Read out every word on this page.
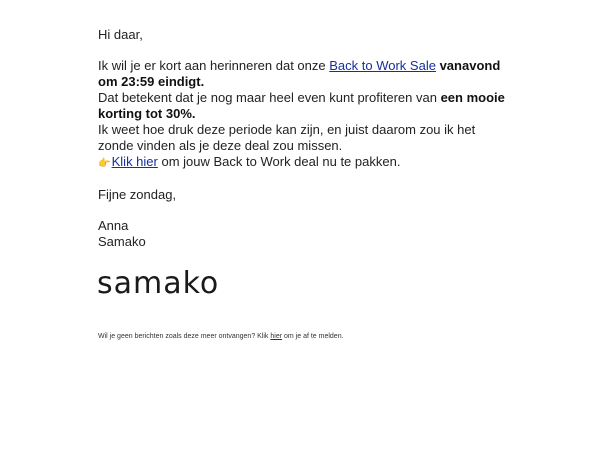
Hi daar,

Ik wil je er kort aan herinneren dat onze Back to Work Sale vanavond om 23:59 eindigt.

Dat betekent dat je nog maar heel even kunt profiteren van een mooie korting tot 30%.

Ik weet hoe druk deze periode kan zijn, en juist daarom zou ik het zonde vinden als je deze deal zou missen.

👉 Klik hier om jouw Back to Work deal nu te pakken.

Fijne zondag,
Anna
Samako
samako
Wil je geen berichten zoals deze meer ontvangen? Klik hier om je af te melden.
